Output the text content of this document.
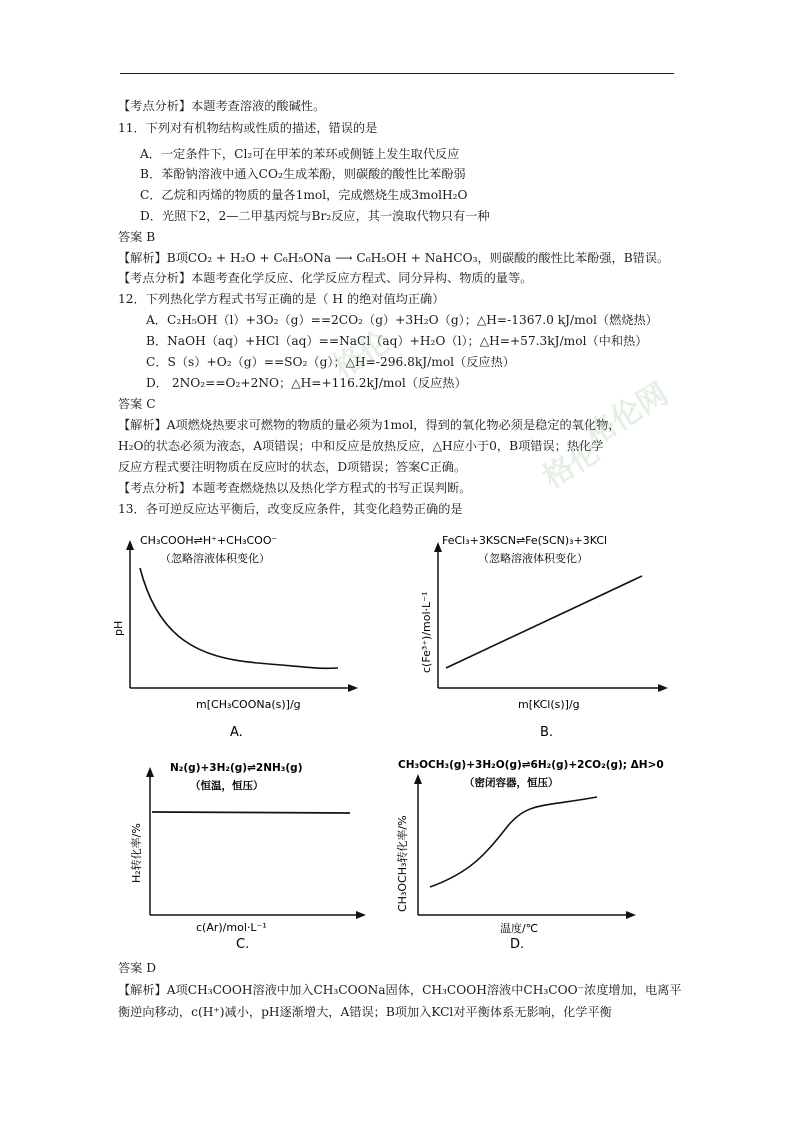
【考点分析】本题考查溶液的酸碱性。
11．下列对有机物结构或性质的描述，错误的是
A．一定条件下，Cl₂可在甲苯的苯环或侧链上发生取代反应
B．苯酚钠溶液中通入CO₂生成苯酚，则碳酸的酸性比苯酚弱
C．乙烷和丙烯的物质的量各1mol，完成燃烧生成3molH₂O
D．光照下2，2—二甲基丙烷与Br₂反应，其一溴取代物只有一种
答案 B
【解析】B项CO₂ + H₂O + C₆H₅ONa ⟶ C₆H₅OH + NaHCO₃，则碳酸的酸性比苯酚强，B错误。
【考点分析】本题考查化学反应、化学反应方程式、同分异构、物质的量等。
12．下列热化学方程式书写正确的是（ H 的绝对值均正确）
A．C₂H₅OH（l）+3O₂（g）==2CO₂（g）+3H₂O（g）；△H=-1367.0 kJ/mol（燃烧热）
B．NaOH（aq）+HCl（aq）==NaCl（aq）+H₂O（l）；△H=+57.3kJ/mol（中和热）
C．S（s）+O₂（g）==SO₂（g）；△H=-296.8kJ/mol（反应热）
D． 2NO₂==O₂+2NO；△H=+116.2kJ/mol（反应热）
答案 C
【解析】A项燃烧热要求可燃物的物质的量必须为1mol，得到的氧化物必须是稳定的氧化物，
H₂O的状态必须为液态，A项错误；中和反应是放热反应，△H应小于0，B项错误；热化学
反应方程式要注明物质在反应时的状态，D项错误；答案C正确。
【考点分析】本题考查燃烧热以及热化学方程式的书写正误判断。
13．各可逆反应达平衡后，改变反应条件，其变化趋势正确的是
格伦
格伦
格伦网
CH₃COOH⇌H⁺+CH₃COO⁻
（忽略溶液体积变化）
pH
m[CH₃COONa(s)]/g
A.
FeCl₃+3KSCN⇌Fe(SCN)₃+3KCl
（忽略溶液体积变化）
c(Fe³⁺)/mol·L⁻¹
m[KCl(s)]/g
B.
N₂(g)+3H₂(g)⇌2NH₃(g)
（恒温，恒压）
H₂转化率/%
c(Ar)/mol·L⁻¹
C.
CH₃OCH₃(g)+3H₂O(g)⇌6H₂(g)+2CO₂(g); ΔH>0
（密闭容器，恒压）
CH₃OCH₃转化率/%
温度/℃
D.
答案 D
【解析】A项CH₃COOH溶液中加入CH₃COONa固体，CH₃COOH溶液中CH₃COO⁻浓度增加，电离平
衡逆向移动，c(H⁺)减小，pH逐渐增大，A错误；B项加入KCl对平衡体系无影响，化学平衡
